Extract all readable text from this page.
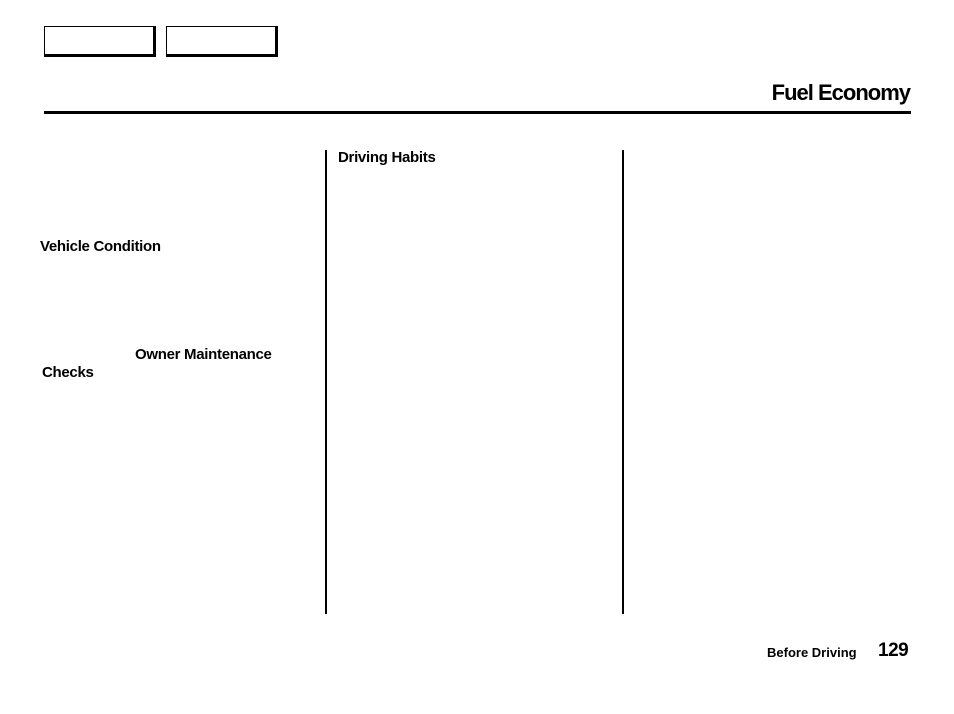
Fuel Economy
Driving Habits
Vehicle Condition
Owner Maintenance
Checks
Before Driving 129
